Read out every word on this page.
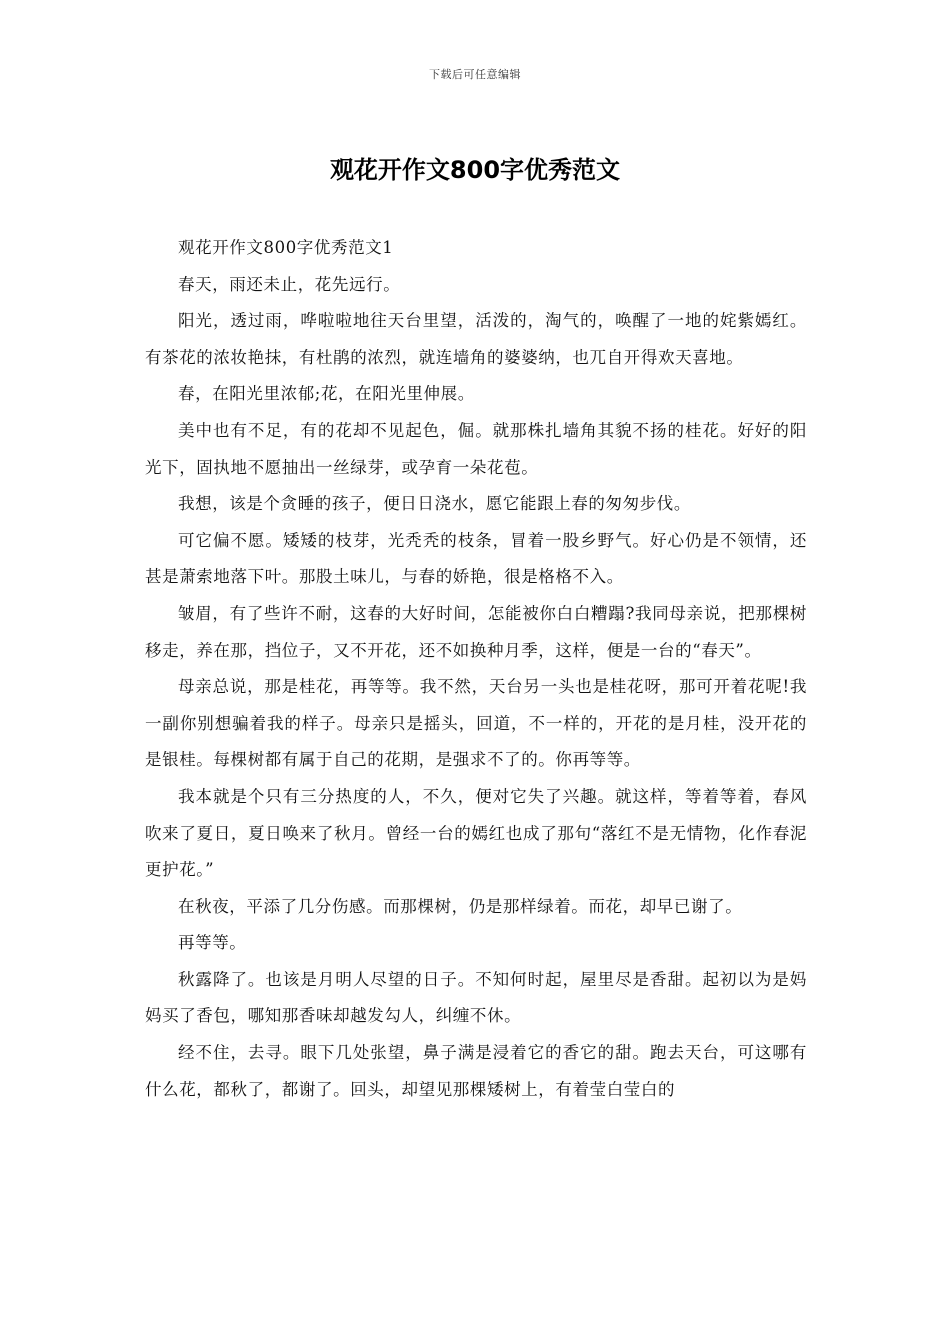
下载后可任意编辑
观花开作文800字优秀范文

观花开作文800字优秀范文1

春天，雨还未止，花先远行。

阳光，透过雨，哗啦啦地往天台里望，活泼的，淘气的，唤醒了一地的姹紫嫣红。有茶花的浓妆艳抹，有杜鹃的浓烈，就连墙角的婆婆纳，也兀自开得欢天喜地。

春，在阳光里浓郁;花，在阳光里伸展。

美中也有不足，有的花却不见起色，倔。就那株扎墙角其貌不扬的桂花。好好的阳光下，固执地不愿抽出一丝绿芽，或孕育一朵花苞。

我想，该是个贪睡的孩子，便日日浇水，愿它能跟上春的匆匆步伐。

可它偏不愿。矮矮的枝芽，光秃秃的枝条，冒着一股乡野气。好心仍是不领情，还甚是萧索地落下叶。那股土味儿，与春的娇艳，很是格格不入。

皱眉，有了些许不耐，这春的大好时间，怎能被你白白糟蹋?我同母亲说，把那棵树移走，养在那，挡位子，又不开花，还不如换种月季，这样，便是一台的“春天”。

母亲总说，那是桂花，再等等。我不然，天台另一头也是桂花呀，那可开着花呢!我一副你别想骗着我的样子。母亲只是摇头，回道，不一样的，开花的是月桂，没开花的是银桂。每棵树都有属于自己的花期，是强求不了的。你再等等。

我本就是个只有三分热度的人，不久，便对它失了兴趣。就这样，等着等着，春风吹来了夏日，夏日唤来了秋月。曾经一台的嫣红也成了那句“落红不是无情物，化作春泥更护花。”

在秋夜，平添了几分伤感。而那棵树，仍是那样绿着。而花，却早已谢了。

再等等。

秋露降了。也该是月明人尽望的日子。不知何时起，屋里尽是香甜。起初以为是妈妈买了香包，哪知那香味却越发勾人，纠缠不休。

经不住，去寻。眼下几处张望，鼻子满是浸着它的香它的甜。跑去天台，可这哪有什么花，都秋了，都谢了。回头，却望见那棵矮树上，有着莹白莹白的
